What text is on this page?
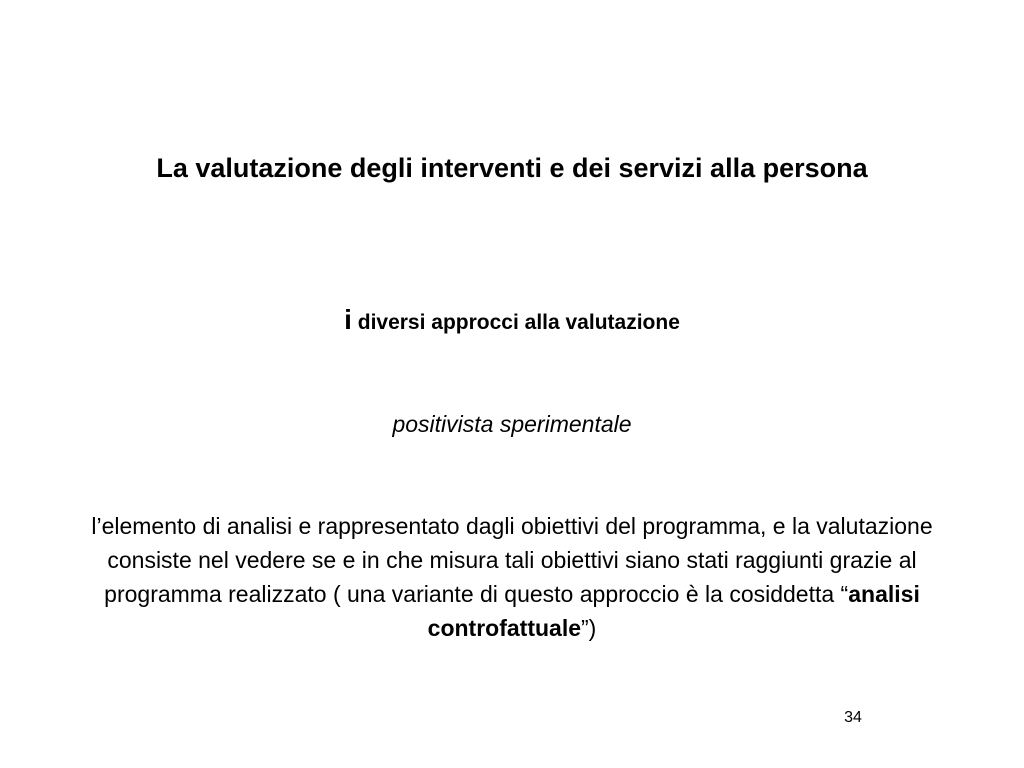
La valutazione degli interventi e dei servizi alla persona
i diversi approcci alla valutazione
positivista sperimentale
l’elemento di analisi e rappresentato dagli obiettivi del programma, e la valutazione consiste nel vedere se e in che misura tali obiettivi siano stati raggiunti grazie al programma realizzato ( una variante di questo approccio è la cosiddetta “analisi controfattuale”)
34
